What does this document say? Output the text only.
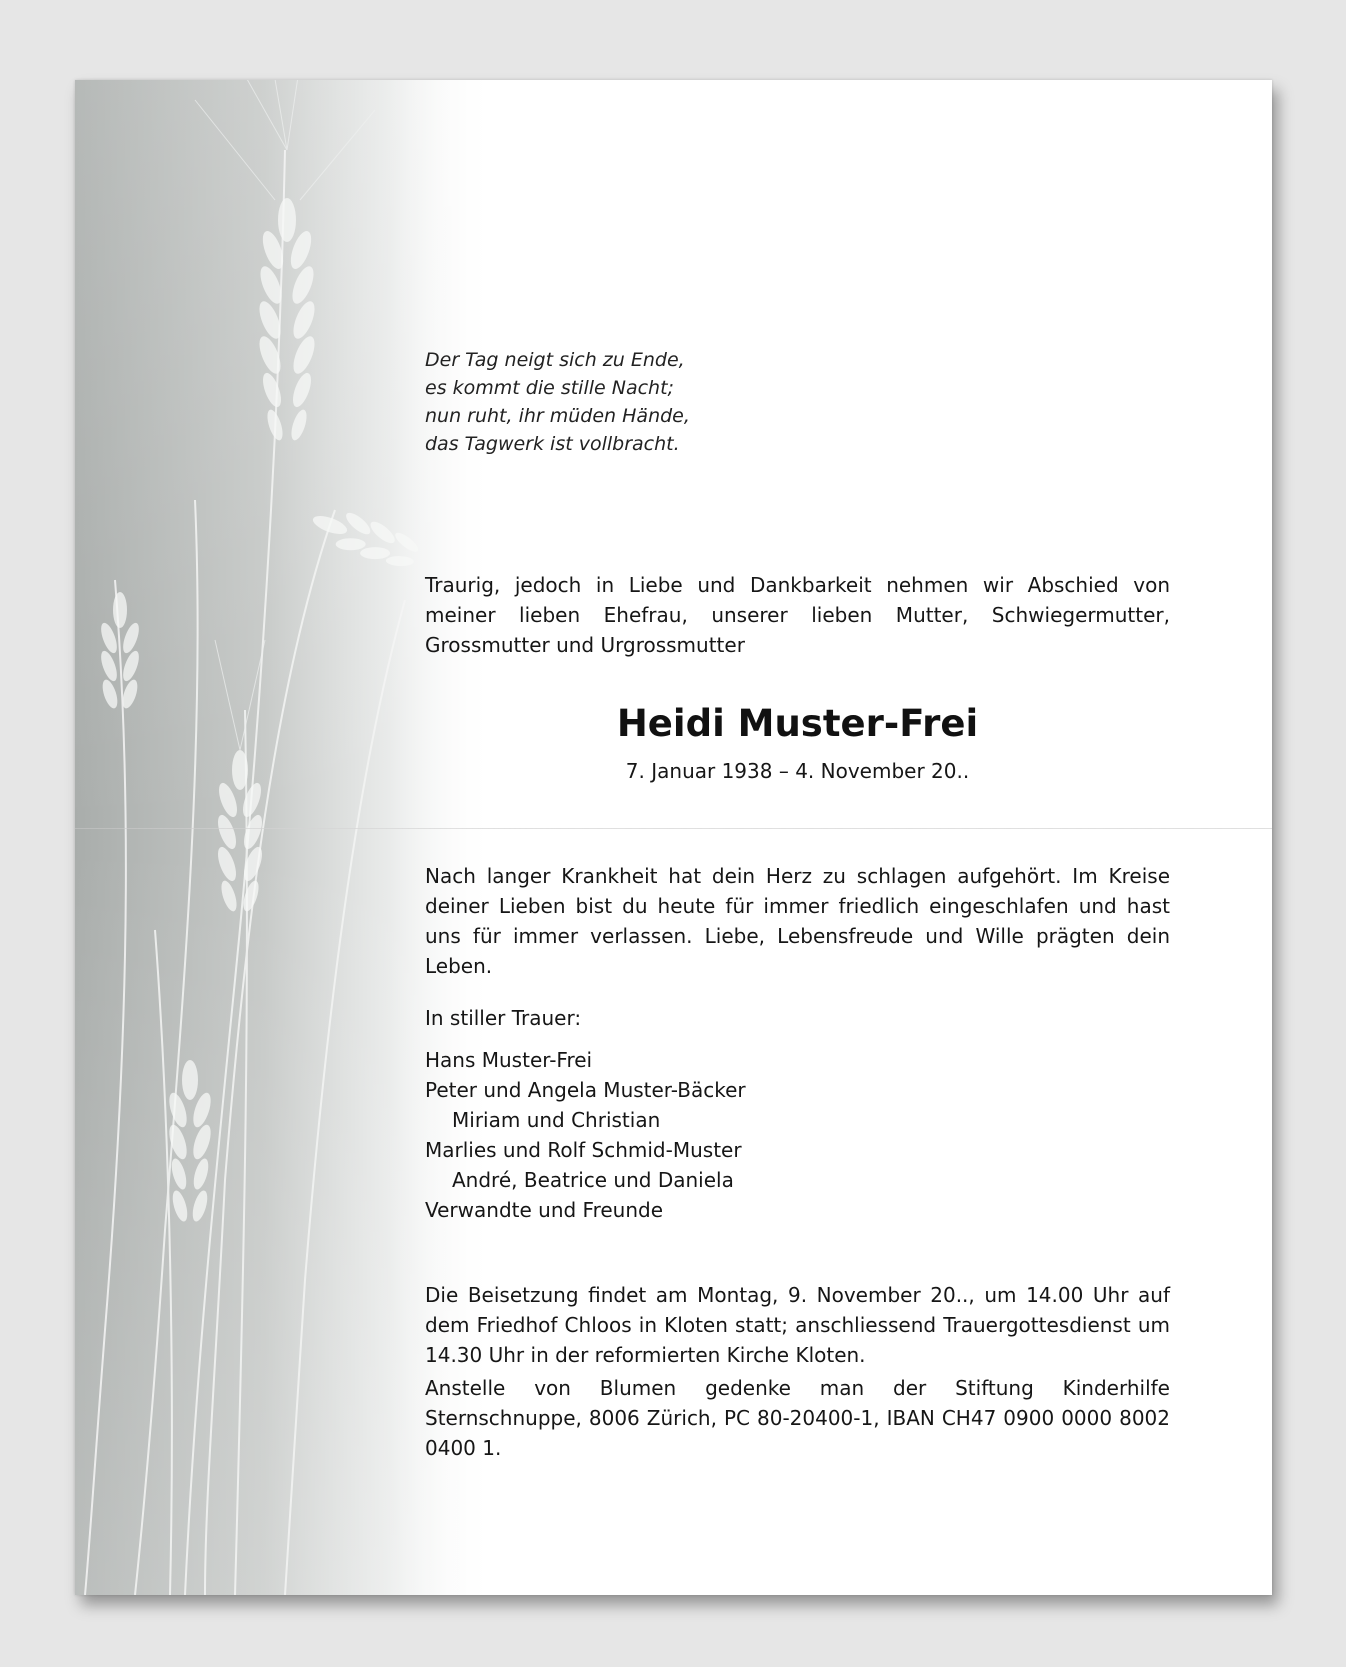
Der Tag neigt sich zu Ende,
es kommt die stille Nacht;
nun ruht, ihr müden Hände,
das Tagwerk ist vollbracht.
Traurig, jedoch in Liebe und Dankbarkeit nehmen wir Abschied von meiner lieben Ehefrau, unserer lieben Mutter, Schwiegermutter, Grossmutter und Urgrossmutter
Heidi Muster-Frei
7. Januar 1938 – 4. November 20..
Nach langer Krankheit hat dein Herz zu schlagen aufgehört. Im Kreise deiner Lieben bist du heute für immer friedlich eingeschlafen und hast uns für immer verlassen. Liebe, Lebensfreude und Wille prägten dein Leben.
In stiller Trauer:
Hans Muster-Frei
Peter und Angela Muster-Bäcker
Miriam und Christian
Marlies und Rolf Schmid-Muster
André, Beatrice und Daniela
Verwandte und Freunde
Die Beisetzung findet am Montag, 9. November 20.., um 14.00 Uhr auf dem Friedhof Chloos in Kloten statt; anschliessend Trauergottesdienst um 14.30 Uhr in der reformierten Kirche Kloten.
Anstelle von Blumen gedenke man der Stiftung Kinderhilfe Sternschnuppe, 8006 Zürich, PC 80-20400-1, IBAN CH47 0900 0000 8002 0400 1.
